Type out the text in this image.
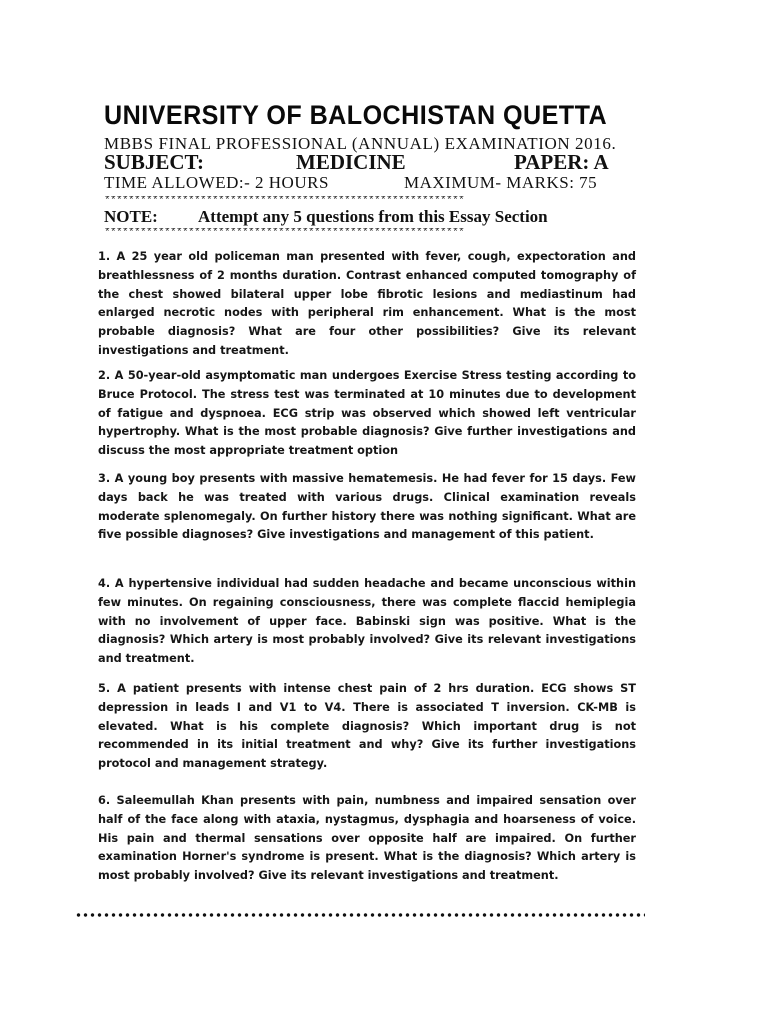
UNIVERSITY OF BALOCHISTAN QUETTA
MBBS FINAL PROFESSIONAL (ANNUAL) EXAMINATION 2016.
SUBJECT:	MEDICINE	PAPER: A
TIME ALLOWED:- 2 HOURS	MAXIMUM- MARKS: 75
************************************************************
NOTE: Attempt any 5 questions from this Essay Section
************************************************************
1. A 25 year old policeman man presented with fever, cough, expectoration and breathlessness of 2 months duration. Contrast enhanced computed tomography of the chest showed bilateral upper lobe fibrotic lesions and mediastinum had enlarged necrotic nodes with peripheral rim enhancement. What is the most probable diagnosis? What are four other possibilities? Give its relevant investigations and treatment.
2. A 50-year-old asymptomatic man undergoes Exercise Stress testing according to Bruce Protocol. The stress test was terminated at 10 minutes due to development of fatigue and dyspnoea. ECG strip was observed which showed left ventricular hypertrophy. What is the most probable diagnosis? Give further investigations and discuss the most appropriate treatment option
3. A young boy presents with massive hematemesis. He had fever for 15 days. Few days back he was treated with various drugs. Clinical examination reveals moderate splenomegaly. On further history there was nothing significant. What are five possible diagnoses? Give investigations and management of this patient.
4. A hypertensive individual had sudden headache and became unconscious within few minutes. On regaining consciousness, there was complete flaccid hemiplegia with no involvement of upper face. Babinski sign was positive. What is the diagnosis? Which artery is most probably involved? Give its relevant investigations and treatment.
5. A patient presents with intense chest pain of 2 hrs duration. ECG shows ST depression in leads I and V1 to V4. There is associated T inversion. CK-MB is elevated. What is his complete diagnosis? Which important drug is not recommended in its initial treatment and why? Give its further investigations protocol and management strategy.
6. Saleemullah Khan presents with pain, numbness and impaired sensation over half of the face along with ataxia, nystagmus, dysphagia and hoarseness of voice. His pain and thermal sensations over opposite half are impaired. On further examination Horner's syndrome is present. What is the diagnosis? Which artery is most probably involved? Give its relevant investigations and treatment.
